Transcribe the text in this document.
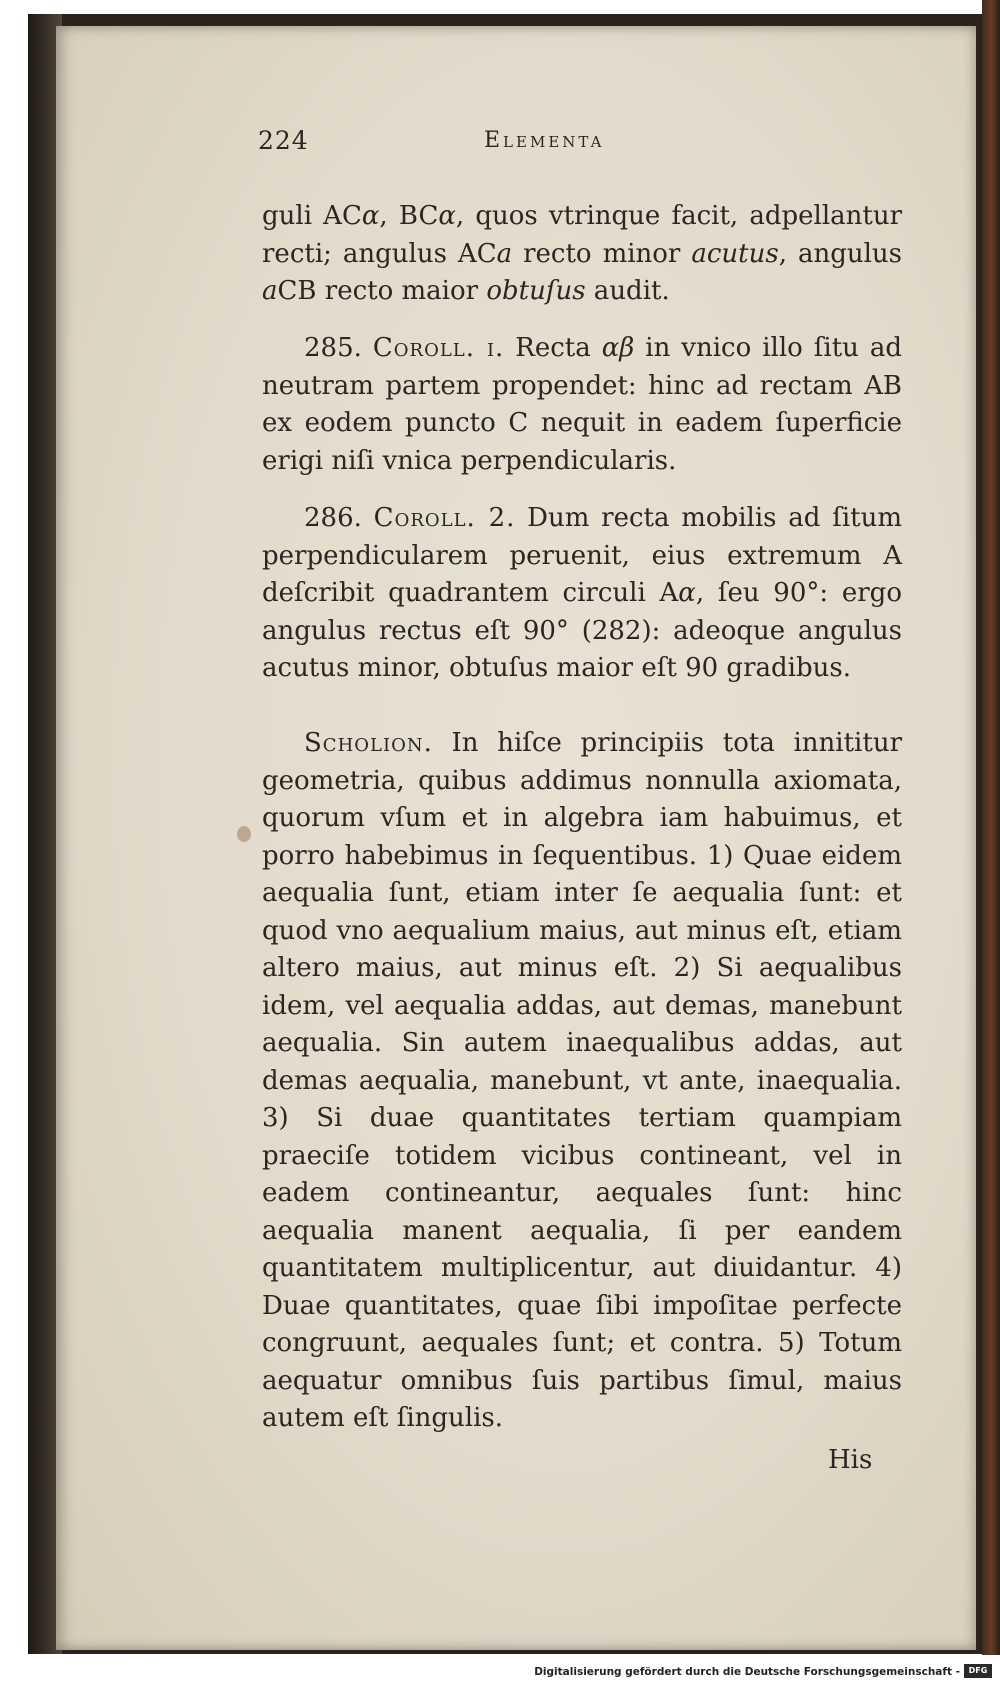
224	Elementa
guli ACα, BCα, quos vtrinque facit, adpellantur recti; angulus ACa recto minor acutus, angulus aCB recto maior obtuſus audit.
285. Coroll. i. Recta αβ in vnico illo ſitu ad neutram partem propendet: hinc ad rectam AB ex eodem puncto C nequit in eadem ſuperficie erigi niſi vnica perpendicularis.
286. Coroll. 2. Dum recta mobilis ad ſitum perpendicularem peruenit, eius extremum A deſcribit quadrantem circuli Aα, ſeu 90°: ergo angulus rectus eſt 90° (282): adeoque angulus acutus minor, obtuſus maior eſt 90 gradibus.
Scholion. In hiſce principiis tota innititur geometria, quibus addimus nonnulla axiomata, quorum vſum et in algebra iam habuimus, et porro habebimus in ſequentibus. 1) Quae eidem aequalia ſunt, etiam inter ſe aequalia ſunt: et quod vno aequalium maius, aut minus eſt, etiam altero maius, aut minus eſt. 2) Si aequalibus idem, vel aequalia addas, aut demas, manebunt aequalia. Sin autem inaequalibus addas, aut demas aequalia, manebunt, vt ante, inaequalia. 3) Si duae quantitates tertiam quampiam praeciſe totidem vicibus contineant, vel in eadem contineantur, aequales ſunt: hinc aequalia manent aequalia, ſi per eandem quantitatem multiplicentur, aut diuidantur. 4) Duae quantitates, quae ſibi impoſitae perfecte congruunt, aequales ſunt; et contra. 5) Totum aequatur omnibus ſuis partibus ſimul, maius autem eſt ſingulis.
His
Digitalisierung gefördert durch die Deutsche Forschungsgemeinschaft -	DFG
